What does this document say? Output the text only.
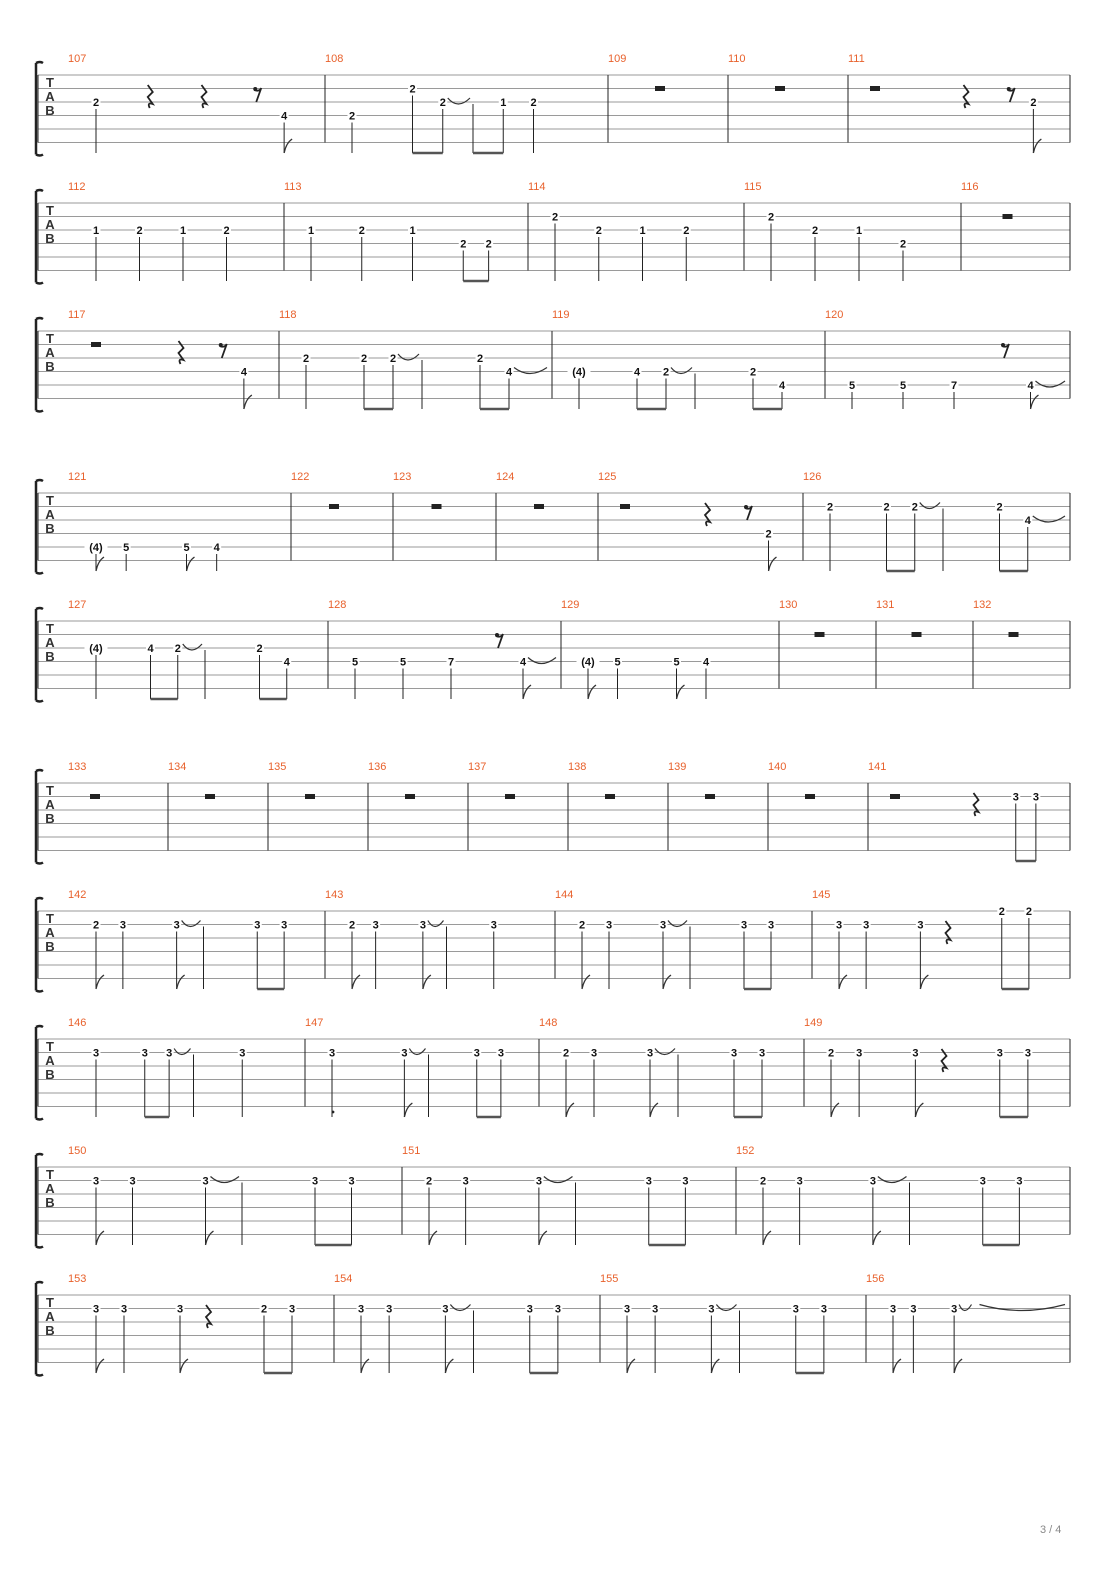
T
A
B
107
2
4
108
2
2
2	1 2
109	110	111
2
T
A
B
112
1	2	1	2
113
1	2	1
2 2
114
2
2	1	2
115
2
2	1
2
116
T
A
B
117
4
118
2	2 2	2
4
119
(4)	4 2	2
4
120
5	5	7	4
T
A
B
121
(4) 5	5 4
122	123	124	125
2
126
2	2 2	2
4
T
A
B
127
(4)	4 2	2
4
128
5	5	7	4
129
(4) 5	5 4
130	131	132
T
A
B
133	134	135	136	137	138	139	140	141
3 3
T
A
B
142
2 3	3	3 3
143
2 3	3	3
144
2 3	3	3 3
145
3 3	3
2 2
T
A
B
146
3	3 3	3
147
3	3	3 3
148
2 3	3	3 3
149
2 3	3	3 3
T
A
B
150
3	3	3	3	3
151
2	3	3	3	3
152
2	3	3	3	3
T
A
B
153
3 3	3	2 3
154
3 3	3	3 3
155
3 3	3	3 3
156
3 3	3
3 / 4
